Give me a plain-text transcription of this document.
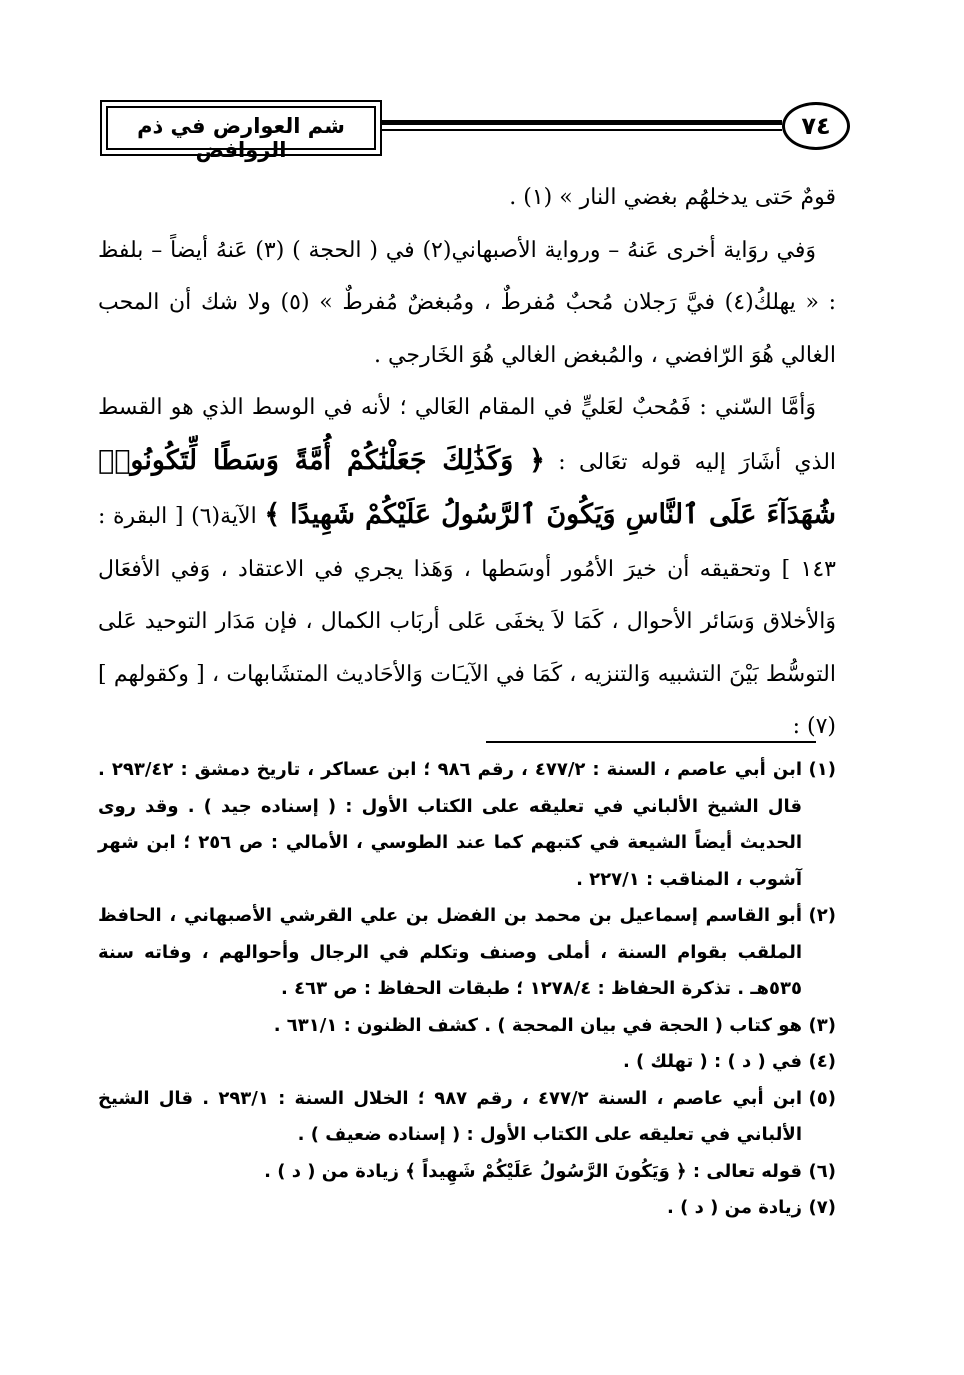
شم العوارض في ذم الروافض
٧٤

قومٌ حَتى يدخلهُم بغضي النار » (١) .

وَفي روَاية أخرى عَنهُ – ورواية الأصبهاني(٢) في ( الحجة ) (٣) عَنهُ أيضاً – بلفظ : « يهلكُ(٤) فيَّ رَجلان مُحبٌ مُفرطٌ ، ومُبغضٌ مُفرطٌ » (٥) ولا شك أن المحب الغالي هُوَ الرّافضي ، والمُبغض الغالي هُوَ الخَارجي .

وَأمَّا السّني : فَمُحبٌ لعَليٍّ في المقام العَالي ؛ لأنه في الوسط الذي هو القسط الذي أشَارَ إليه قوله تعَالى : ﴿ وَكَذَٰلِكَ جَعَلْنَٰكُمْ أُمَّةً وَسَطًا لِّتَكُونُوا۟ شُهَدَآءَ عَلَى ٱلنَّاسِ وَيَكُونَ ٱلرَّسُولُ عَلَيْكُمْ شَهِيدًا ﴾ الآية(٦) [ البقرة : ١٤٣ ] وتحقيقه أن خيرَ الأمُور أوسَطها ، وَهَذا يجري في الاعتقاد ، وَفي الأفعَال وَالأخلاق وَسَائر الأحوال ، كَمَا لاَ يخفَى عَلى أربَاب الكمال ، فإن مَدَار التوحيد عَلى التوسُّط بَيْنَ التشبيه وَالتنزيه ، كَمَا في الآيـَات وَالأحَاديث المتشَابهات ، [ وكقولهم ] (٧) :

(١)ابن أبي عاصم ، السنة : ٤٧٧/٢ ، رقم ٩٨٦ ؛ ابن عساكر ، تاريخ دمشق : ٢٩٣/٤٢ . قال الشيخ الألباني في تعليقه على الكتاب الأول : ( إسناده جيد ) . وقد روى الحديث أيضاً الشيعة في كتبهم كما عند الطوسي ، الأمالي : ص ٢٥٦ ؛ ابن شهر آشوب ، المناقب : ٢٢٧/١ .

(٢)أبو القاسم إسماعيل بن محمد بن الفضل بن علي القرشي الأصبهاني ، الحافظ الملقب بقوام السنة ، أملى وصنف وتكلم في الرجال وأحوالهم ، وفاته سنة ٥٣٥هـ . تذكرة الحفاظ : ١٢٧٨/٤ ؛ طبقات الحفاظ : ص ٤٦٣ .

(٣)هو كتاب ( الحجة في بيان المحجة ) . كشف الظنون : ٦٣١/١ .

(٤)في ( د ) : ( تهلك ) .

(٥)ابن أبي عاصم ، السنة ٤٧٧/٢ ، رقم ٩٨٧ ؛ الخلال السنة : ٢٩٣/١ . قال الشيخ الألباني في تعليقه على الكتاب الأول : ( إسناده ضعيف ) .

(٦)قوله تعالى : ﴿ وَيَكُونَ الرَّسُولُ عَلَيْكُمْ شَهِيداً ﴾ زيادة من ( د ) .

(٧)زيادة من ( د ) .
